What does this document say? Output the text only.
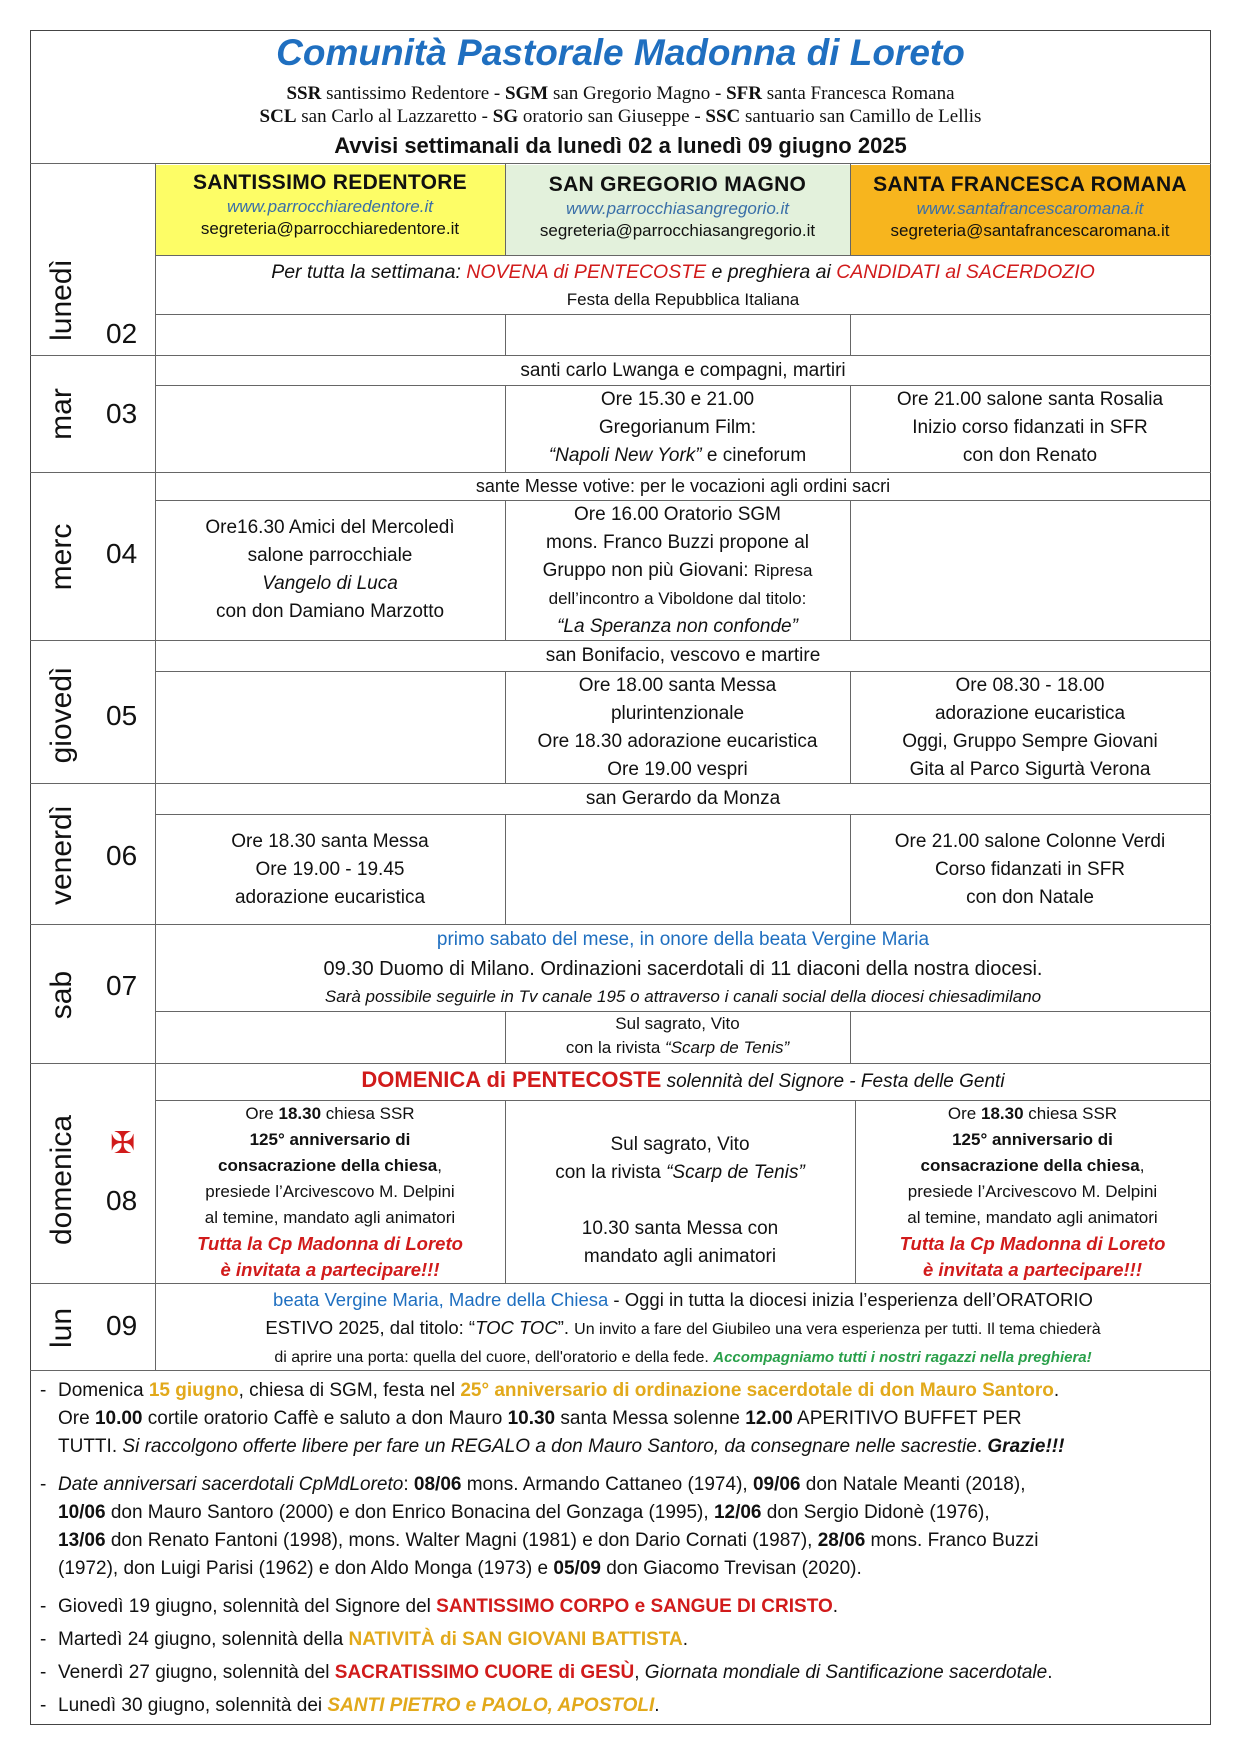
Comunità Pastorale Madonna di Loreto
SSR santissimo Redentore - SGM san Gregorio Magno - SFR santa Francesca Romana
SCL san Carlo al Lazzaretto - SG oratorio san Giuseppe - SSC santuario san Camillo de Lellis
Avvisi settimanali da lunedì 02 a lunedì 09 giugno 2025
SANTISSIMO REDENTORE
www.parrocchiaredentore.it
segreteria@parrocchiaredentore.it
SAN GREGORIO MAGNO
www.parrocchiasangregorio.it
segreteria@parrocchiasangregorio.it
SANTA FRANCESCA ROMANA
www.santafrancescaromana.it
segreteria@santafrancescaromana.it
lunedì 02
mar 03
merc 04
giovedì 05
venerdì 06
sab 07
domenica ✠
08
lun 09
Per tutta la settimana: NOVENA di PENTECOSTE e preghiera ai CANDIDATI al SACERDOZIO
Festa della Repubblica Italiana
santi carlo Lwanga e compagni, martiri
Ore 15.30 e 21.00
Gregorianum Film:
“Napoli New York” e cineforum
Ore 21.00 salone santa Rosalia
Inizio corso fidanzati in SFR
con don Renato
sante Messe votive: per le vocazioni agli ordini sacri
Ore16.30 Amici del Mercoledì
salone parrocchiale
Vangelo di Luca
con don Damiano Marzotto
Ore 16.00 Oratorio SGM
mons. Franco Buzzi propone al
Gruppo non più Giovani: Ripresa
dell’incontro a Viboldone dal titolo:
“La Speranza non confonde”
san Bonifacio, vescovo e martire
Ore 18.00 santa Messa
plurintenzionale
Ore 18.30 adorazione eucaristica
Ore 19.00 vespri
Ore 08.30 - 18.00
adorazione eucaristica
Oggi, Gruppo Sempre Giovani
Gita al Parco Sigurtà Verona
san Gerardo da Monza
Ore 18.30 santa Messa
Ore 19.00 - 19.45
adorazione eucaristica
Ore 21.00 salone Colonne Verdi
Corso fidanzati in SFR
con don Natale
primo sabato del mese, in onore della beata Vergine Maria
09.30 Duomo di Milano. Ordinazioni sacerdotali di 11 diaconi della nostra diocesi.
Sarà possibile seguirle in Tv canale 195 o attraverso i canali social della diocesi chiesadimilano
Sul sagrato, Vito
con la rivista “Scarp de Tenis”
DOMENICA di PENTECOSTE solennità del Signore - Festa delle Genti
Ore 18.30 chiesa SSR
125° anniversario di
consacrazione della chiesa,
presiede l’Arcivescovo M. Delpini
al temine, mandato agli animatori
Tutta la Cp Madonna di Loreto
è invitata a partecipare!!!
Sul sagrato, Vito
con la rivista “Scarp de Tenis”
10.30 santa Messa con
mandato agli animatori
Ore 18.30 chiesa SSR
125° anniversario di
consacrazione della chiesa,
presiede l’Arcivescovo M. Delpini
al temine, mandato agli animatori
Tutta la Cp Madonna di Loreto
è invitata a partecipare!!!
beata Vergine Maria, Madre della Chiesa - Oggi in tutta la diocesi inizia l’esperienza dell’ORATORIO
ESTIVO 2025, dal titolo: “TOC TOC”. Un invito a fare del Giubileo una vera esperienza per tutti. Il tema chiederà
di aprire una porta: quella del cuore, dell'oratorio e della fede. Accompagniamo tutti i nostri ragazzi nella preghiera!
- Domenica 15 giugno, chiesa di SGM, festa nel 25° anniversario di ordinazione sacerdotale di don Mauro Santoro.
Ore 10.00 cortile oratorio Caffè e saluto a don Mauro 10.30 santa Messa solenne 12.00 APERITIVO BUFFET PER
TUTTI. Si raccolgono offerte libere per fare un REGALO a don Mauro Santoro, da consegnare nelle sacrestie. Grazie!!!
- Date anniversari sacerdotali CpMdLoreto: 08/06 mons. Armando Cattaneo (1974), 09/06 don Natale Meanti (2018),
10/06 don Mauro Santoro (2000) e don Enrico Bonacina del Gonzaga (1995), 12/06 don Sergio Didonè (1976),
13/06 don Renato Fantoni (1998), mons. Walter Magni (1981) e don Dario Cornati (1987), 28/06 mons. Franco Buzzi
(1972), don Luigi Parisi (1962) e don Aldo Monga (1973) e 05/09 don Giacomo Trevisan (2020).
- Giovedì 19 giugno, solennità del Signore del SANTISSIMO CORPO e SANGUE DI CRISTO.
- Martedì 24 giugno, solennità della NATIVITÀ di SAN GIOVANI BATTISTA.
- Venerdì 27 giugno, solennità del SACRATISSIMO CUORE di GESÙ, Giornata mondiale di Santificazione sacerdotale.
- Lunedì 30 giugno, solennità dei SANTI PIETRO e PAOLO, APOSTOLI.
